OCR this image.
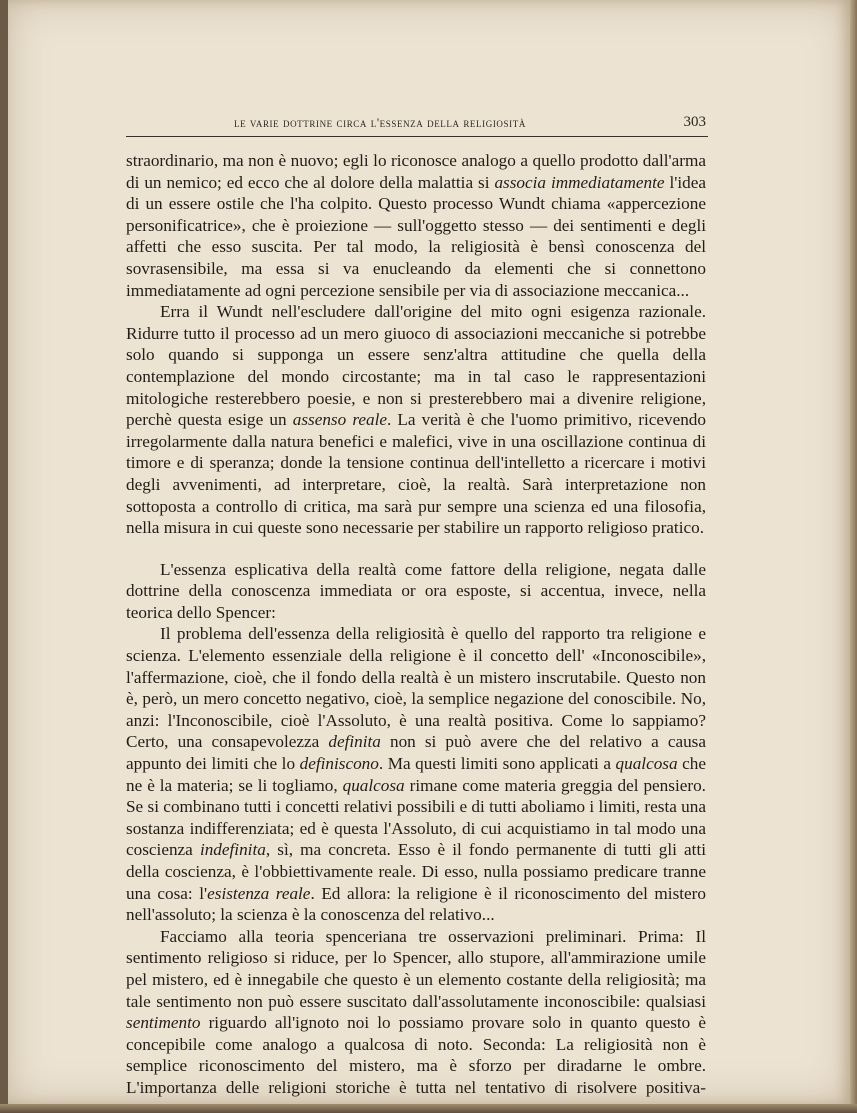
le varie dottrine circa l'essenza della religiosità	303

straordinario, ma non è nuovo; egli lo riconosce analogo a quello prodotto dall'arma di un nemico; ed ecco che al dolore della malattia si associa immediatamente l'idea di un essere ostile che l'ha colpito. Questo processo Wundt chiama «appercezione personificatrice», che è proiezione — sull'oggetto stesso — dei sentimenti e degli affetti che esso suscita. Per tal modo, la religiosità è bensì conoscenza del sovrasensibile, ma essa si va enucleando da elementi che si connettono immediatamente ad ogni percezione sensibile per via di associazione meccanica...

Erra il Wundt nell'escludere dall'origine del mito ogni esigenza razionale. Ridurre tutto il processo ad un mero giuoco di associazioni meccaniche si potrebbe solo quando si supponga un essere senz'altra attitudine che quella della contemplazione del mondo circostante; ma in tal caso le rappresentazioni mitologiche resterebbero poesie, e non si presterebbero mai a divenire religione, perchè questa esige un assenso reale. La verità è che l'uomo primitivo, ricevendo irregolarmente dalla natura benefici e malefici, vive in una oscillazione continua di timore e di speranza; donde la tensione continua dell'intelletto a ricercare i motivi degli avvenimenti, ad interpretare, cioè, la realtà. Sarà interpretazione non sottoposta a controllo di critica, ma sarà pur sempre una scienza ed una filosofia, nella misura in cui queste sono necessarie per stabilire un rapporto religioso pratico.

L'essenza esplicativa della realtà come fattore della religione, negata dalle dottrine della conoscenza immediata or ora esposte, si accentua, invece, nella teorica dello Spencer:

Il problema dell'essenza della religiosità è quello del rapporto tra religione e scienza. L'elemento essenziale della religione è il concetto dell' «Inconoscibile», l'affermazione, cioè, che il fondo della realtà è un mistero inscrutabile. Questo non è, però, un mero concetto negativo, cioè, la semplice negazione del conoscibile. No, anzi: l'Inconoscibile, cioè l'Assoluto, è una realtà positiva. Come lo sappiamo? Certo, una consapevolezza definita non si può avere che del relativo a causa appunto dei limiti che lo definiscono. Ma questi limiti sono applicati a qualcosa che ne è la materia; se li togliamo, qualcosa rimane come materia greggia del pensiero. Se si combinano tutti i concetti relativi possibili e di tutti aboliamo i limiti, resta una sostanza indifferenziata; ed è questa l'Assoluto, di cui acquistiamo in tal modo una coscienza indefinita, sì, ma concreta. Esso è il fondo permanente di tutti gli atti della coscienza, è l'obbiettivamente reale. Di esso, nulla possiamo predicare tranne una cosa: l'esistenza reale. Ed allora: la religione è il riconoscimento del mistero nell'assoluto; la scienza è la conoscenza del relativo...

Facciamo alla teoria spenceriana tre osservazioni preliminari. Prima: Il sentimento religioso si riduce, per lo Spencer, allo stupore, all'ammirazione umile pel mistero, ed è innegabile che questo è un elemento costante della religiosità; ma tale sentimento non può essere suscitato dall'assolutamente inconoscibile: qualsiasi sentimento riguardo all'ignoto noi lo possiamo provare solo in quanto questo è concepibile come analogo a qualcosa di noto. Seconda: La religiosità non è semplice riconoscimento del mistero, ma è sforzo per diradarne le ombre. L'importanza delle religioni storiche è tutta nel tentativo di risolvere positiva-
